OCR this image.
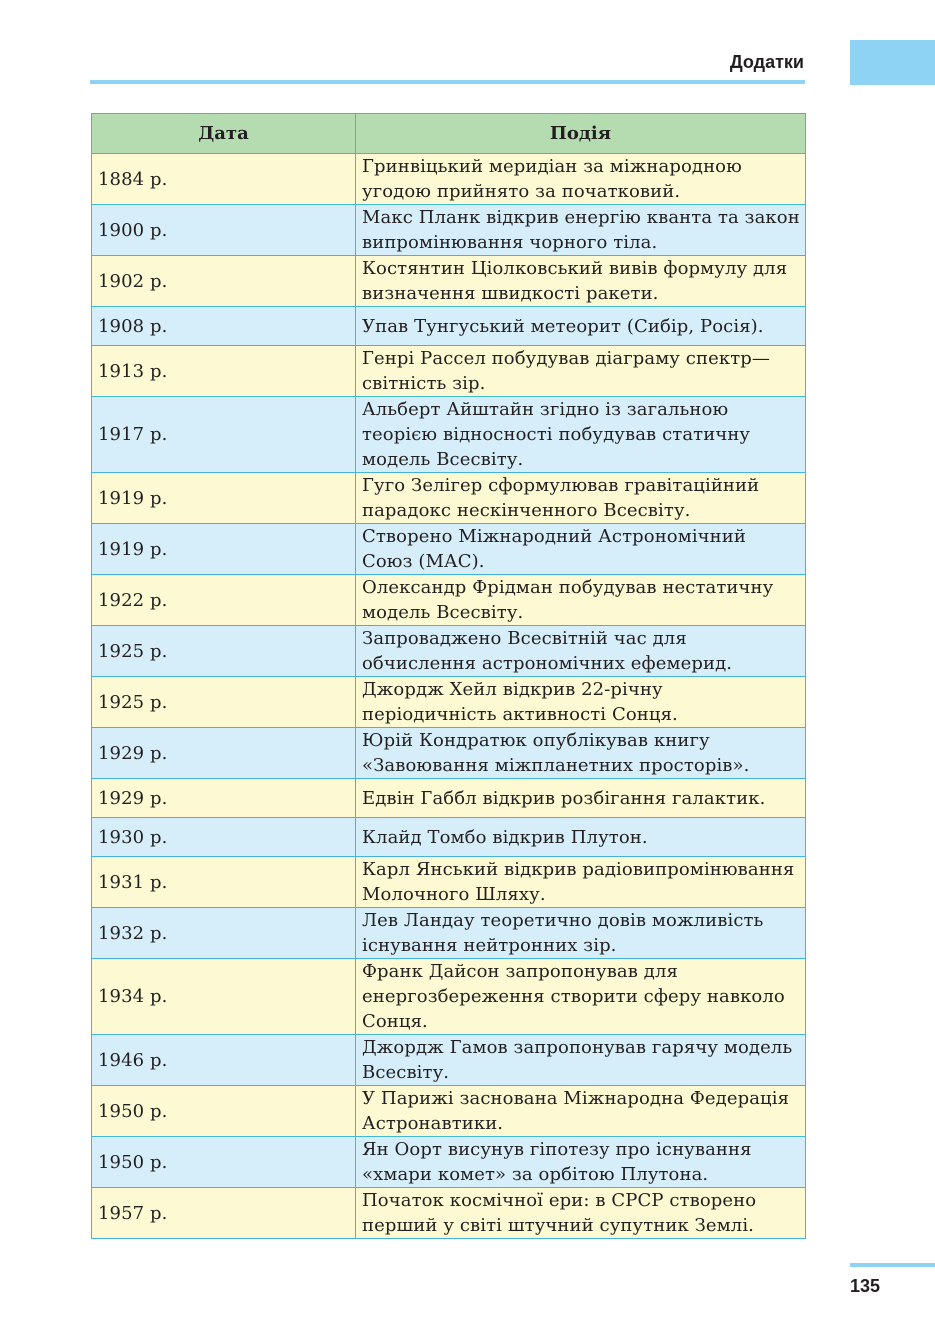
Додатки
Дата	Подія
1884 р.	Гринвіцький меридіан за міжнародною угодою прийнято за початковий.
1900 р.	Макс Планк відкрив енергію кванта та закон випромінювання чорного тіла.
1902 р.	Костянтин Ціолковський вивів формулу для визначення швидкості ракети.
1908 р.	Упав Тунгуський метеорит (Сибір, Росія).
1913 р.	Генрі Рассел побудував діаграму спектр—світність зір.
1917 р.	Альберт Айштайн згідно із загальною теорією відносності побудував статичну модель Всесвіту.
1919 р.	Гуго Зелігер сформулював гравітаційний парадокс нескінченного Всесвіту.
1919 р.	Створено Міжнародний Астрономічний Союз (МАС).
1922 р.	Олександр Фрідман побудував нестатичну модель Всесвіту.
1925 р.	Запроваджено Всесвітній час для обчислення астрономічних ефемерид.
1925 р.	Джордж Хейл відкрив 22-річну періодичність активності Сонця.
1929 р.	Юрій Кондратюк опублікував книгу «Завоювання міжпланетних просторів».
1929 р.	Едвін Габбл відкрив розбігання галактик.
1930 р.	Клайд Томбо відкрив Плутон.
1931 р.	Карл Янський відкрив радіовипромінювання Молочного Шляху.
1932 р.	Лев Ландау теоретично довів можливість існування нейтронних зір.
1934 р.	Франк Дайсон запропонував для енергозбереження створити сферу навколо Сонця.
1946 р.	Джордж Гамов запропонував гарячу модель Всесвіту.
1950 р.	У Парижі заснована Міжнародна Федерація Астронавтики.
1950 р.	Ян Оорт висунув гіпотезу про існування «хмари комет» за орбітою Плутона.
1957 р.	Початок космічної ери: в СРСР створено перший у світі штучний супутник Землі.
135
